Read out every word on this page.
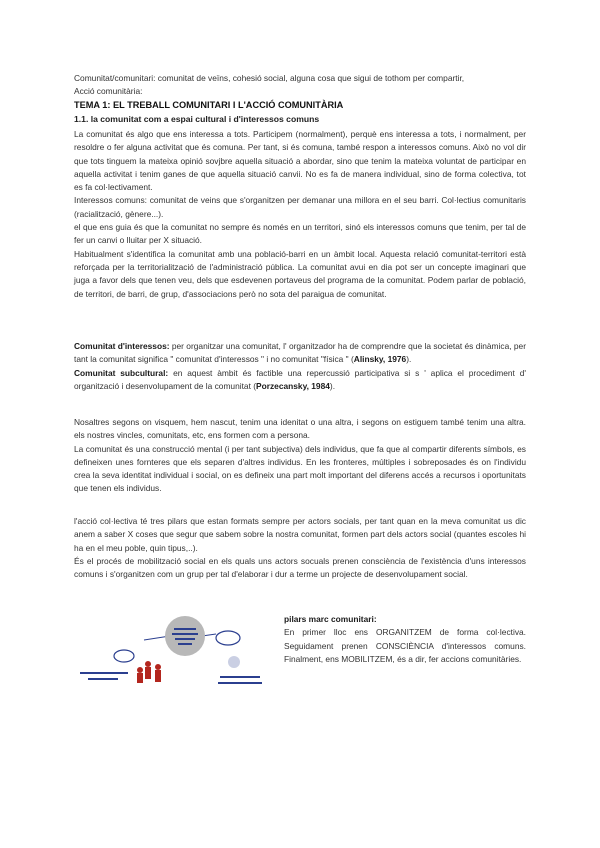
Comunitat/comunitari: comunitat de veïns, cohesió social, alguna cosa que sigui de tothom per compartir,

Acció comunitària:

TEMA 1: EL TREBALL COMUNITARI I L'ACCIÓ COMUNITÀRIA
1.1. la comunitat com a espai cultural i d'interessos comuns

La comunitat és algo que ens interessa a tots. Participem (normalment), perquè ens interessa a tots, i normalment, per resoldre o fer alguna activitat que és comuna. Per tant, si és comuna, també respon a interessos comuns. Això no vol dir que tots tinguem la mateixa opinió sovjbre aquella situació a abordar, sino que tenim la mateixa voluntat de participar en aquella activitat i tenim ganes de que aquella situació canvii. No es fa de manera individual, sino de forma colectiva, tot es fa col·lectivament.

Interessos comuns: comunitat de veins que s'organitzen per demanar una millora en el seu barri. Col·lectius comunitaris (racialització, gènere...).

el que ens guia és que la comunitat no sempre és només en un territori, sinó els interessos comuns que tenim, per tal de fer un canvi o lluitar per X situació.

Habitualment s'identifica la comunitat amb una població-barri en un àmbit local. Aquesta relació comunitat-territori està reforçada per la territorialització de l'administració pública. La comunitat avui en dia pot ser un concepte imaginari que juga a favor dels que tenen veu, dels que esdevenen portaveus del programa de la comunitat. Podem parlar de població, de territori, de barri, de grup, d'associacions però no sota del paraigua de comunitat.

Comunitat d'interessos: per organitzar una comunitat, l' organitzador ha de comprendre que la societat és dinàmica, per tant la comunitat significa " comunitat d'interessos " i no comunitat "física " (Alinsky, 1976).

Comunitat subcultural: en aquest àmbit és factible una repercussió participativa si s ' aplica el procediment d' organització i desenvolupament de la comunitat (Porzecansky, 1984).

Nosaltres segons on visquem, hem nascut, tenim una idenitat o una altra, i segons on estiguem també tenim una altra. els nostres vincles, comunitats, etc, ens formen com a persona.

La comunitat és una construcció mental (i per tant subjectiva) dels individus, que fa que al compartir diferents símbols, es defineixen unes fornteres que els separen d'altres individus. En les fronteres, múltiples i sobreposades és on l'individu crea la seva identitat individual i social, on es defineix una part molt important del diferens accés a recursos i oportunitats que tenen els individus.

l'acció col·lectiva té tres pilars que estan formats sempre per actors socials, per tant quan en la meva comunitat us dic anem a saber X coses que segur que sabem sobre la nostra comunitat, formen part dels actors social (quantes escoles hi ha en el meu poble, quin tipus,..).

És el procés de mobilització social en els quals uns actors socuals prenen consciència de l'existència d'uns interessos comuns i s'organitzen com un grup per tal d'elaborar i dur a terme un projecte de desenvolupament social.

pilars marc comunitari:

En primer lloc ens ORGANITZEM de forma col·lectiva. Seguidament prenen CONSCIÈNCIA d'interessos comuns. Finalment, ens MOBILITZEM, és a dir, fer accions comunitàries.
